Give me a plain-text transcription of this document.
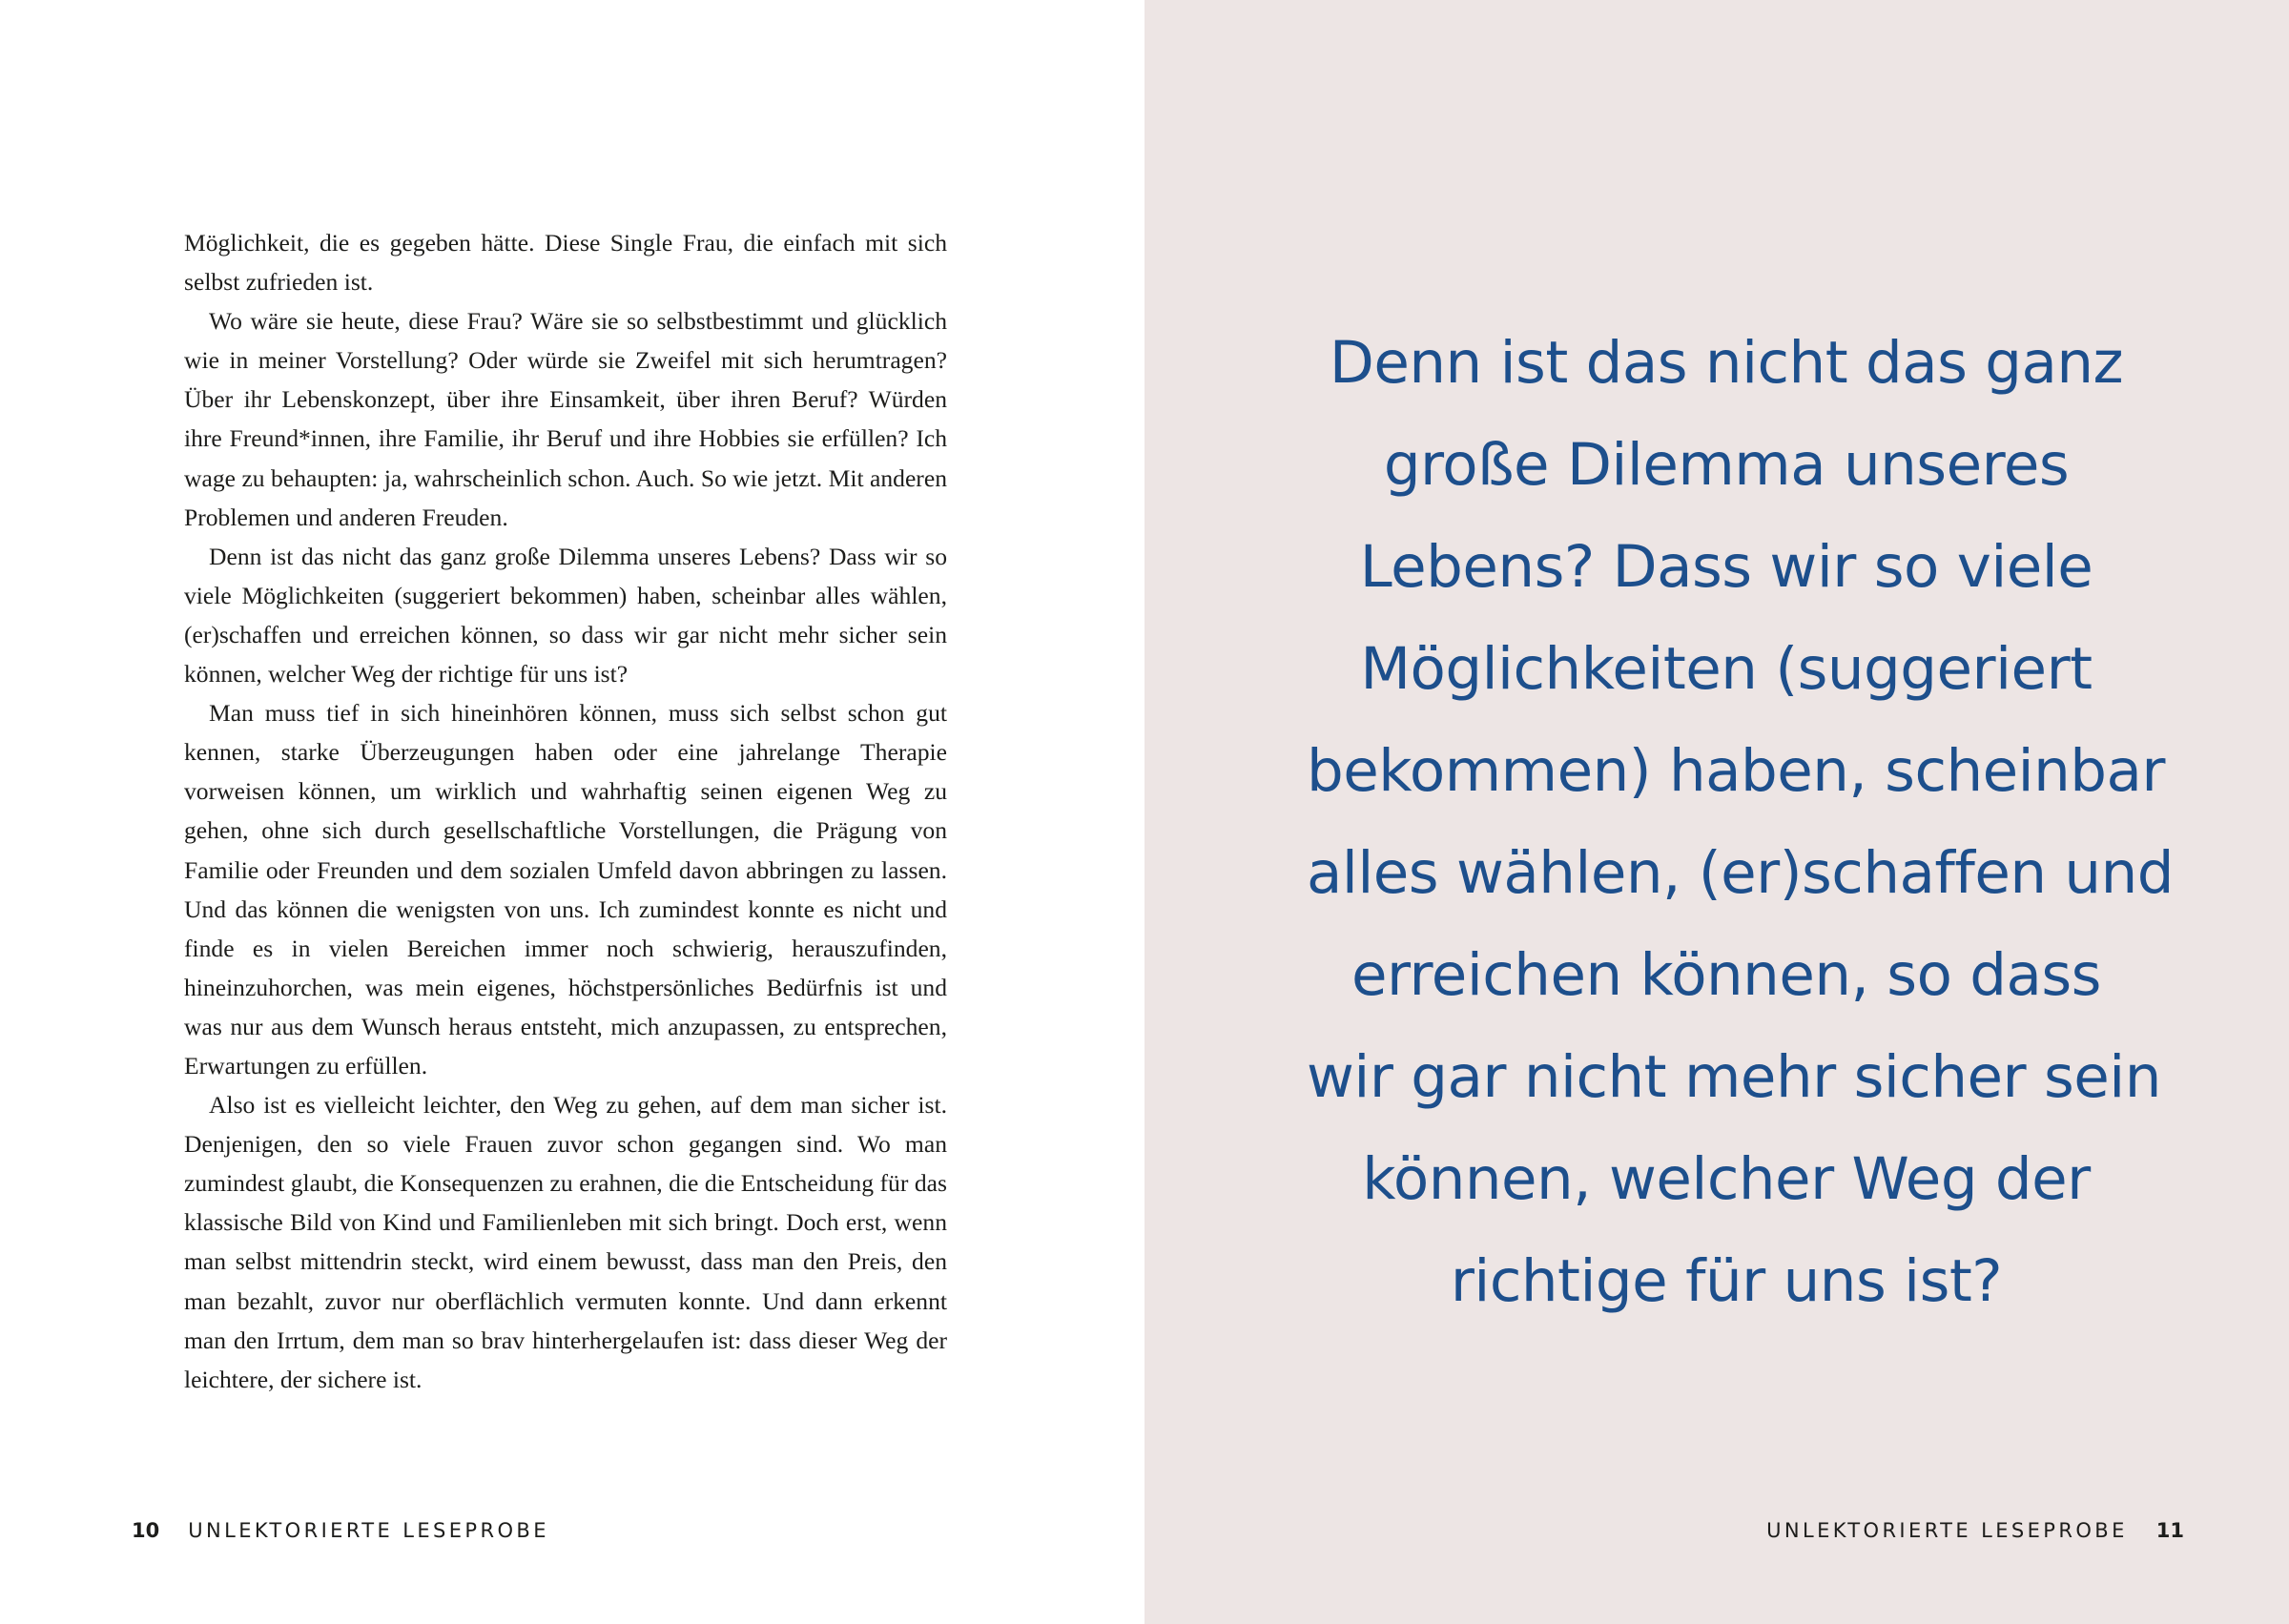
Möglichkeit, die es gegeben hätte. Diese Single Frau, die einfach mit sich selbst zufrieden ist.

Wo wäre sie heute, diese Frau? Wäre sie so selbstbestimmt und glücklich wie in meiner Vorstellung? Oder würde sie Zweifel mit sich herumtragen? Über ihr Lebenskonzept, über ihre Einsamkeit, über ihren Beruf? Würden ihre Freund*innen, ihre Familie, ihr Beruf und ihre Hobbies sie erfüllen? Ich wage zu behaupten: ja, wahrscheinlich schon. Auch. So wie jetzt. Mit anderen Problemen und anderen Freuden.

Denn ist das nicht das ganz große Dilemma unseres Lebens? Dass wir so viele Möglichkeiten (suggeriert bekommen) haben, scheinbar alles wählen, (er)schaffen und erreichen können, so dass wir gar nicht mehr sicher sein können, welcher Weg der richtige für uns ist?

Man muss tief in sich hineinhören können, muss sich selbst schon gut kennen, starke Überzeugungen haben oder eine jahrelange Therapie vorweisen können, um wirklich und wahrhaftig seinen eigenen Weg zu gehen, ohne sich durch gesellschaftliche Vorstellungen, die Prägung von Familie oder Freunden und dem sozialen Umfeld davon abbringen zu lassen. Und das können die wenigsten von uns. Ich zumindest konnte es nicht und finde es in vielen Bereichen immer noch schwierig, herauszufinden, hineinzuhorchen, was mein eigenes, höchstpersönliches Bedürfnis ist und was nur aus dem Wunsch heraus entsteht, mich anzupassen, zu entsprechen, Erwartungen zu erfüllen.

Also ist es vielleicht leichter, den Weg zu gehen, auf dem man sicher ist. Denjenigen, den so viele Frauen zuvor schon gegangen sind. Wo man zumindest glaubt, die Konsequenzen zu erahnen, die die Entscheidung für das klassische Bild von Kind und Familienleben mit sich bringt. Doch erst, wenn man selbst mittendrin steckt, wird einem bewusst, dass man den Preis, den man bezahlt, zuvor nur oberflächlich vermuten konnte. Und dann erkennt man den Irrtum, dem man so brav hinterhergelaufen ist: dass dieser Weg der leichtere, der sichere ist.

10 UNLEKTORIERTE LESEPROBE
Denn ist das nicht das ganz
große Dilemma unseres
Lebens? Dass wir so viele
Möglichkeiten (suggeriert
bekommen) haben, scheinbar
alles wählen, (er)schaffen und
erreichen können, so dass
wir gar nicht mehr sicher sein
können, welcher Weg der
richtige für uns ist?
UNLEKTORIERTE LESEPROBE 11
